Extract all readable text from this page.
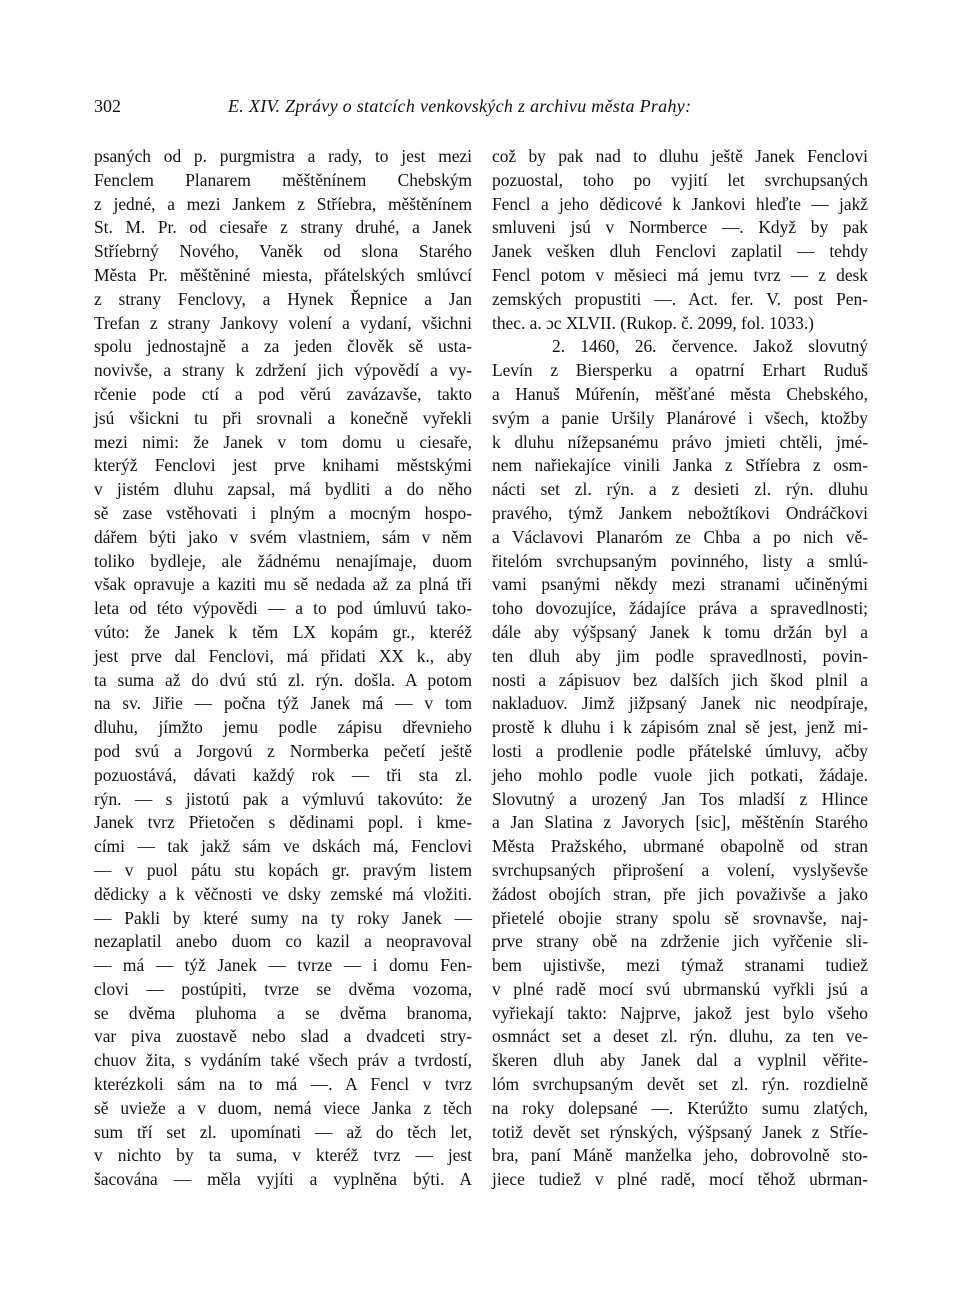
302	E. XIV. Zprávy o statcích venkovských z archivu města Prahy:
psaných od p. purgmistra a rady, to jest mezi
Fenclem Planarem měštěnínem Chebským
z jedné, a mezi Jankem z Stříebra, měštěnínem
St. M. Pr. od ciesaře z strany druhé, a Janek
Stříebrný Nového, Vaněk od slona Starého
Města Pr. měštěniné miesta, přátelských smlúvcí
z strany Fenclovy, a Hynek Řepnice a Jan
Trefan z strany Jankovy volení a vydaní, všichni
spolu jednostajně a za jeden člověk sě usta-
novivše, a strany k zdržení jich výpovědí a vy-
rčenie pode ctí a pod věrú zavázavše, takto
jsú všickni tu při srovnali a konečně vyřekli
mezi nimi: že Janek v tom domu u ciesaře,
kterýž Fenclovi jest prve knihami městskými
v jistém dluhu zapsal, má bydliti a do něho
sě zase vstěhovati i plným a mocným hospo-
dářem býti jako v svém vlastniem, sám v něm
toliko bydleje, ale žádnému nenajímaje, duom
však opravuje a kaziti mu sě nedada až za plná tři
leta od této výpovědi — a to pod úmluvú tako-
vúto: že Janek k těm LX kopám gr., kteréž
jest prve dal Fenclovi, má přidati XX k., aby
ta suma až do dvú stú zl. rýn. došla. A potom
na sv. Jiřie — počna týž Janek má — v tom
dluhu, jímžto jemu podle zápisu dřevnieho
pod svú a Jorgovú z Normberka pečetí ještě
pozuostává, dávati každý rok — tři sta zl.
rýn. — s jistotú pak a výmluvú takovúto: že
Janek tvrz Přietočen s dědinami popl. i kme-
cími — tak jakž sám ve dskách má, Fenclovi
— v puol pátu stu kopách gr. pravým listem
dědicky a k věčnosti ve dsky zemské má vložiti.
— Pakli by které sumy na ty roky Janek —
nezaplatil anebo duom co kazil a neopravoval
— má — týž Janek — tvrze — i domu Fen-
clovi — postúpiti, tvrze se dvěma vozoma,
se dvěma pluhoma a se dvěma branoma,
var piva zuostavě nebo slad a dvadceti stry-
chuov žita, s vydáním také všech práv a tvrdostí,
kterézkoli sám na to má —. A Fencl v tvrz
sě uvieže a v duom, nemá viece Janka z těch
sum tří set zl. upomínati — až do těch let,
v nichto by ta suma, v kteréž tvrz — jest
šacována — měla vyjíti a vyplněna býti. A
což by pak nad to dluhu ještě Janek Fenclovi
pozuostal, toho po vyjití let svrchupsaných
Fencl a jeho dědicové k Jankovi hleďte — jakž
smluveni jsú v Normberce —. Když by pak
Janek vešken dluh Fenclovi zaplatil — tehdy
Fencl potom v měsieci má jemu tvrz — z desk
zemských propustiti —. Act. fer. V. post Pen-
thec. a. ɔc XLVII. (Rukop. č. 2099, fol. 1033.)
2. 1460, 26. července. Jakož slovutný
Levín z Biersperku a opatrní Erhart Ruduš
a Hanuš Múřenín, měšťané města Chebského,
svým a panie Uršily Planárové i všech, ktožby
k dluhu nížepsanému právo jmieti chtěli, jmé-
nem nařiekajíce vinili Janka z Stříebra z osm-
nácti set zl. rýn. a z desieti zl. rýn. dluhu
pravého, týmž Jankem nebožtíkovi Ondráčkovi
a Václavovi Planaróm ze Chba a po nich vě-
řitelóm svrchupsaným povinného, listy a smlú-
vami psanými někdy mezi stranami učiněnými
toho dovozujíce, žádajíce práva a spravedlnosti;
dále aby výšpsaný Janek k tomu držán byl a
ten dluh aby jim podle spravedlnosti, povin-
nosti a zápisuov bez dalších jich škod plnil a
nakladuov. Jimž jižpsaný Janek nic neodpíraje,
prostě k dluhu i k zápisóm znal sě jest, jenž mi-
losti a prodlenie podle přátelské úmluvy, ačby
jeho mohlo podle vuole jich potkati, žádaje.
Slovutný a urozený Jan Tos mladší z Hlince
a Jan Slatina z Javorych [sic], měštěnín Starého
Města Pražského, ubrmané obapolně od stran
svrchupsaných připrošení a volení, vyslyševše
žádost obojích stran, pře jich považivše a jako
přietelé obojie strany spolu sě srovnavše, naj-
prve strany obě na zdrženie jich vyřčenie sli-
bem ujistivše, mezi týmaž stranami tudiež
v plné radě mocí svú ubrmanskú vyřkli jsú a
vyřiekají takto: Najprve, jakož jest bylo všeho
osmnáct set a deset zl. rýn. dluhu, za ten ve-
škeren dluh aby Janek dal a vyplnil věřite-
lóm svrchupsaným devět set zl. rýn. rozdielně
na roky dolepsané —. Kterúžto sumu zlatých,
totiž devět set rýnských, výšpsaný Janek z Stříe-
bra, paní Máně manželka jeho, dobrovolně sto-
jiece tudiež v plné radě, mocí těhož ubrman-
